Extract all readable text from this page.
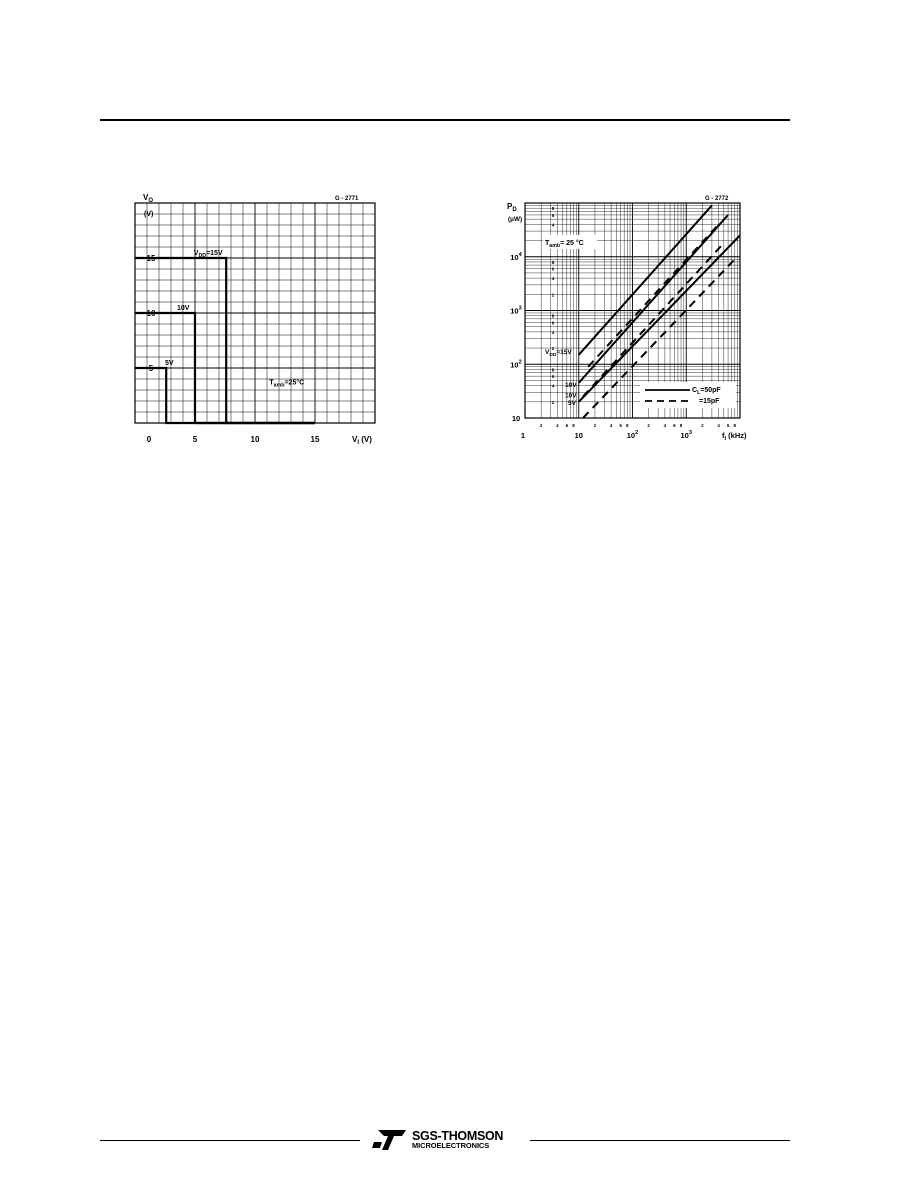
$V_{DD}=15V$
10V
5V
0	5	10	15
5
10
15
$V_O$
(V)
$V_I$ (V)
G - 2771
$T_{amb}=25^\circ C$
2	4 6 8	2	4 6 8	2	4 6 8	2	4 6 8
2
4
6
8
2
4
6
8
2
4
6
8
4
6
8
$V_{DD}=15V$
10V
5V
10V
1	10	$10^2$	$10^3$	$f_I$ (kHz)
10
$10^2$
$10^3$
$10^4$
$P_D$
(µW)
G - 2772
$T_{amb}= 25$ °C
$C_L=50pF$
=15pF
SGS-THOMSON
MICROELECTRONICS
